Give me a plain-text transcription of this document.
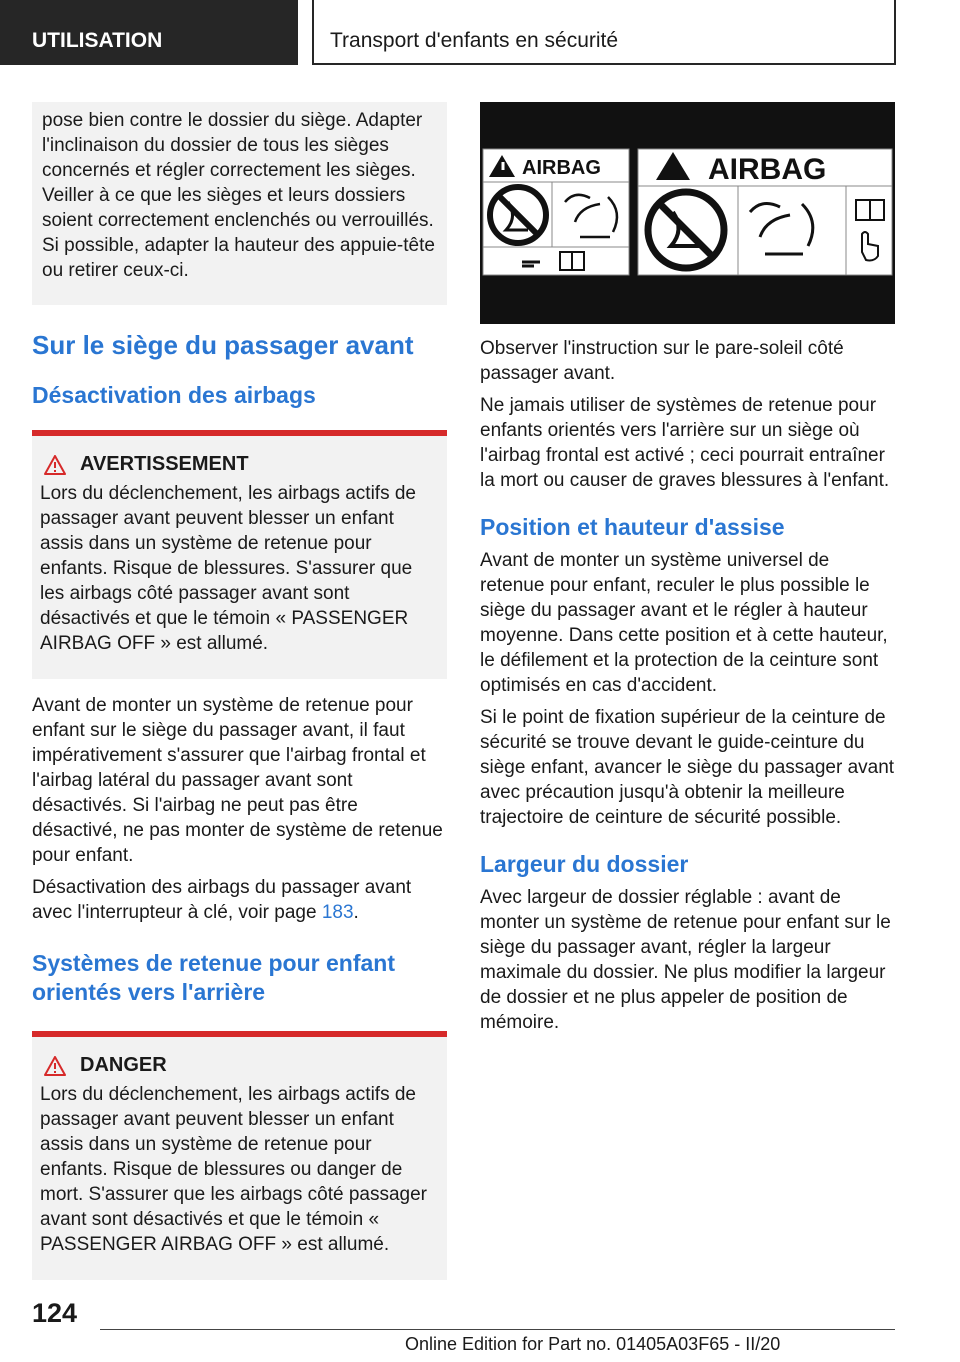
UTILISATION	Transport d'enfants en sécurité

pose bien contre le dossier du siège. Adapter l'inclinaison du dossier de tous les sièges concernés et régler correctement les sièges. Veiller à ce que les sièges et leurs dossiers soient correctement enclenchés ou verrouillés. Si possible, adapter la hauteur des appuie-tête ou retirer ceux-ci.

Sur le siège du passager avant
Désactivation des airbags
AVERTISSEMENT

Lors du déclenchement, les airbags actifs de passager avant peuvent blesser un enfant assis dans un système de retenue pour enfants. Risque de blessures. S'assurer que les airbags côté passager avant sont désactivés et que le témoin « PASSENGER AIRBAG OFF » est allumé.

Avant de monter un système de retenue pour enfant sur le siège du passager avant, il faut impérativement s'assurer que l'airbag frontal et l'airbag latéral du passager avant sont désactivés. Si l'airbag ne peut pas être désactivé, ne pas monter de système de retenue pour enfant.

Désactivation des airbags du passager avant avec l'interrupteur à clé, voir page 183.

Systèmes de retenue pour enfant orientés vers l'arrière
DANGER

Lors du déclenchement, les airbags actifs de passager avant peuvent blesser un enfant assis dans un système de retenue pour enfants. Risque de blessures ou danger de mort. S'assurer que les airbags côté passager avant sont désactivés et que le témoin « PASSENGER AIRBAG OFF » est allumé.

AIRBAG	AIRBAG

Observer l'instruction sur le pare-soleil côté passager avant.

Ne jamais utiliser de systèmes de retenue pour enfants orientés vers l'arrière sur un siège où l'airbag frontal est activé ; ceci pourrait entraîner la mort ou causer de graves blessures à l'enfant.

Position et hauteur d'assise

Avant de monter un système universel de retenue pour enfant, reculer le plus possible le siège du passager avant et le régler à hauteur moyenne. Dans cette position et à cette hauteur, le défilement et la protection de la ceinture sont optimisés en cas d'accident.

Si le point de fixation supérieur de la ceinture de sécurité se trouve devant le guide-ceinture du siège enfant, avancer le siège du passager avant avec précaution jusqu'à obtenir la meilleure trajectoire de ceinture de sécurité possible.

Largeur du dossier

Avec largeur de dossier réglable : avant de monter un système de retenue pour enfant sur le siège du passager avant, régler la largeur maximale du dossier. Ne plus modifier la largeur de dossier et ne plus appeler de position de mémoire.

124
Online Edition for Part no. 01405A03F65 - II/20
